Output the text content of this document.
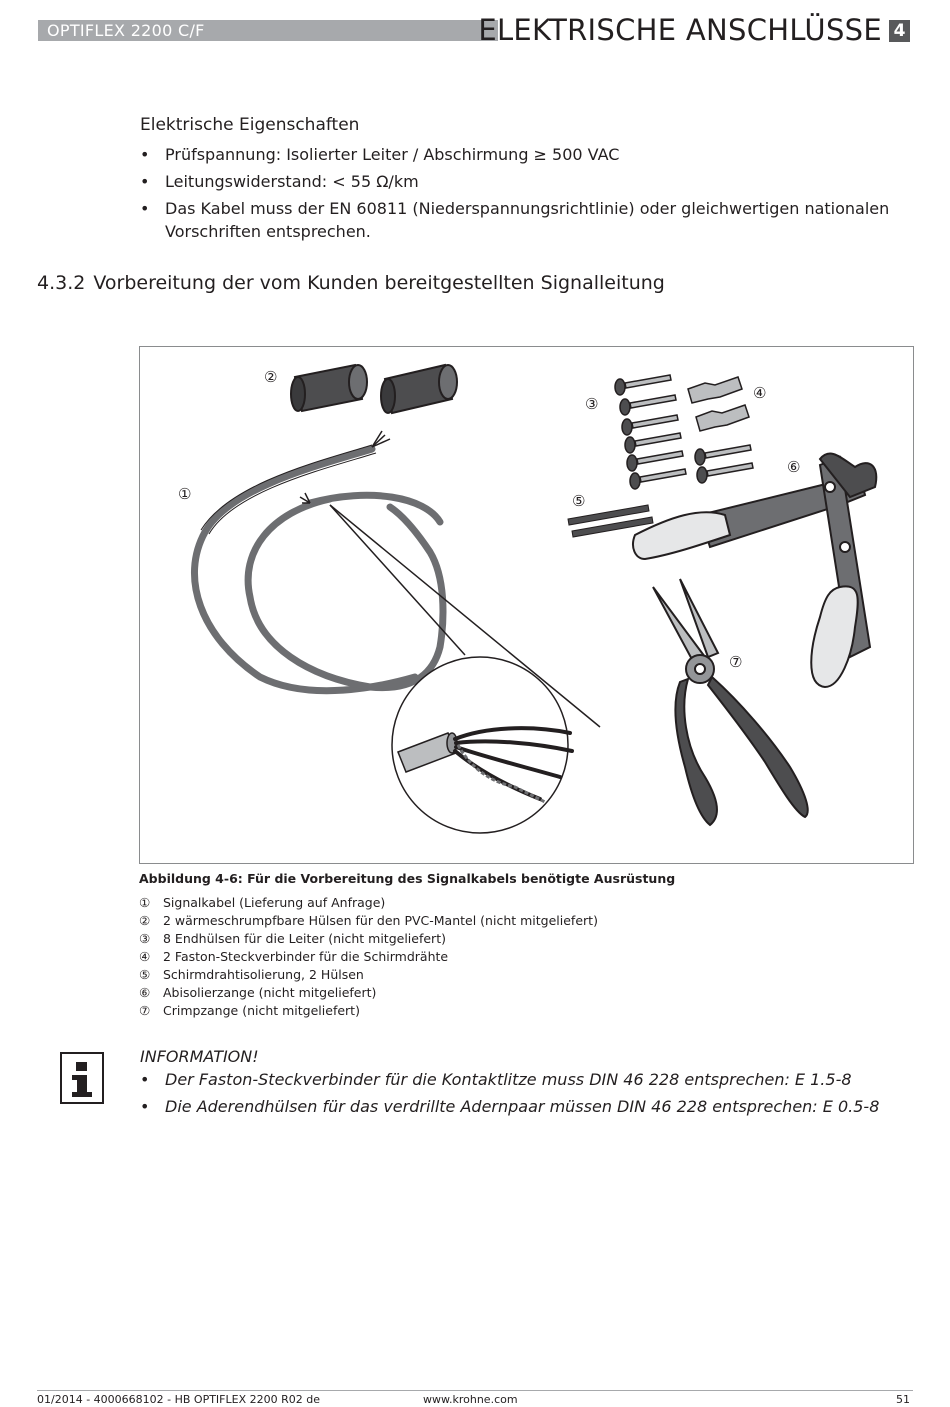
OPTIFLEX 2200 C/F	ELEKTRISCHE ANSCHLÜSSE 4
Elektrische Eigenschaften
• Prüfspannung: Isolierter Leiter / Abschirmung ≥ 500 VAC
• Leitungswiderstand: < 55 Ω/km
• Das Kabel muss der EN 60811 (Niederspannungsrichtlinie) oder gleichwertigen nationalen Vorschriften entsprechen.
4.3.2 Vorbereitung der vom Kunden bereitgestellten Signalleitung
②
①
③
④
⑤
⑥
⑦
Abbildung 4-6: Für die Vorbereitung des Signalkabels benötigte Ausrüstung
① Signalkabel (Lieferung auf Anfrage)
② 2 wärmeschrumpfbare Hülsen für den PVC-Mantel (nicht mitgeliefert)
③ 8 Endhülsen für die Leiter (nicht mitgeliefert)
④ 2 Faston-Steckverbinder für die Schirmdrähte
⑤ Schirmdrahtisolierung, 2 Hülsen
⑥ Abisolierzange (nicht mitgeliefert)
⑦ Crimpzange (nicht mitgeliefert)
INFORMATION!
• Der Faston-Steckverbinder für die Kontaktlitze muss DIN 46 228 entsprechen: E 1.5-8
• Die Aderendhülsen für das verdrillte Adernpaar müssen DIN 46 228 entsprechen: E 0.5-8
01/2014 - 4000668102 - HB OPTIFLEX 2200 R02 de	www.krohne.com	51
